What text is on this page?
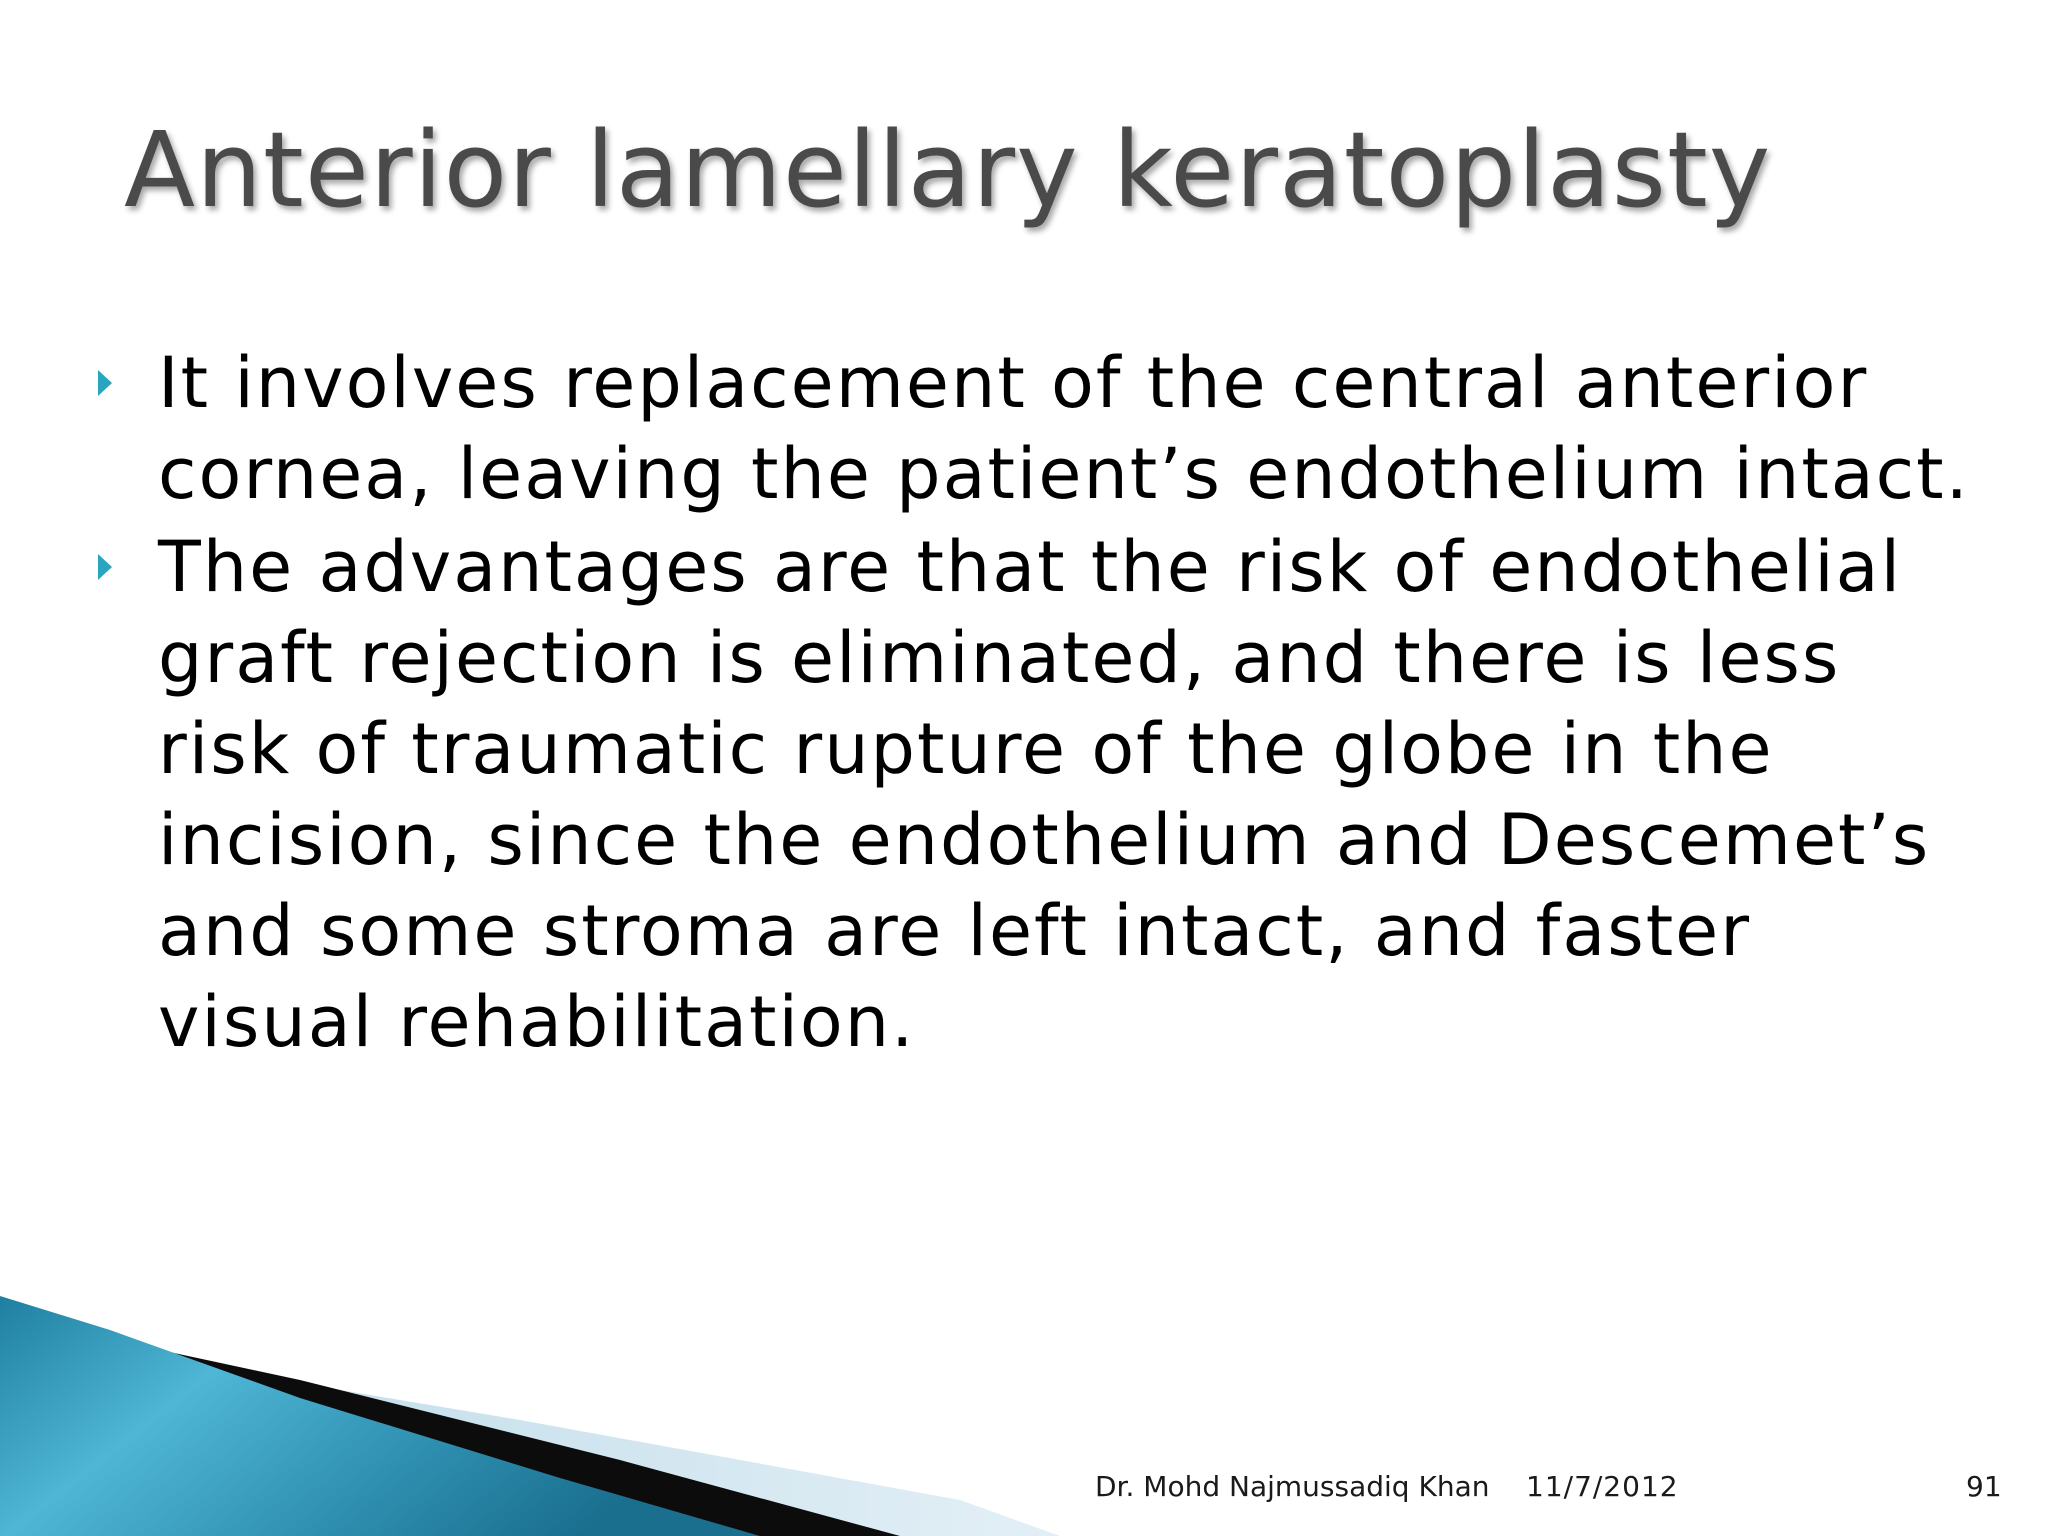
Anterior lamellary keratoplasty
It involves replacement of the central anterior cornea, leaving the patient’s endothelium intact.
The advantages are that the risk of endothelial graft rejection is eliminated, and there is less risk of traumatic rupture of the globe in the incision, since the endothelium and Descemet’s and some stroma are left intact, and faster visual rehabilitation.
Dr. Mohd Najmussadiq Khan 11/7/2012	91
